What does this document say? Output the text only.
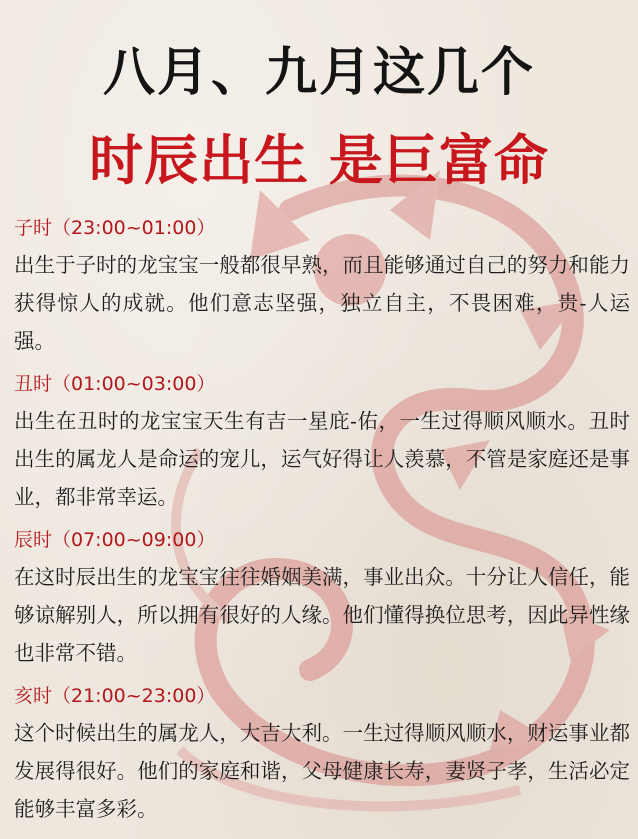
八月、九月这几个
时辰出生 是巨富命
子时（23:00~01:00）
出生于子时的龙宝宝一般都很早熟，而且能够通过自己的努力和能力获得惊人的成就。他们意志坚强，独立自主，不畏困难，贵-人运强。
丑时（01:00~03:00）
出生在丑时的龙宝宝天生有吉一星庇-佑，一生过得顺风顺水。丑时出生的属龙人是命运的宠儿，运气好得让人羡慕，不管是家庭还是事业，都非常幸运。
辰时（07:00~09:00）
在这时辰出生的龙宝宝往往婚姻美满，事业出众。十分让人信任，能够谅解别人，所以拥有很好的人缘。他们懂得换位思考，因此异性缘也非常不错。
亥时（21:00~23:00）
这个时候出生的属龙人，大吉大利。一生过得顺风顺水，财运事业都发展得很好。他们的家庭和谐，父母健康长寿，妻贤子孝，生活必定能够丰富多彩。
